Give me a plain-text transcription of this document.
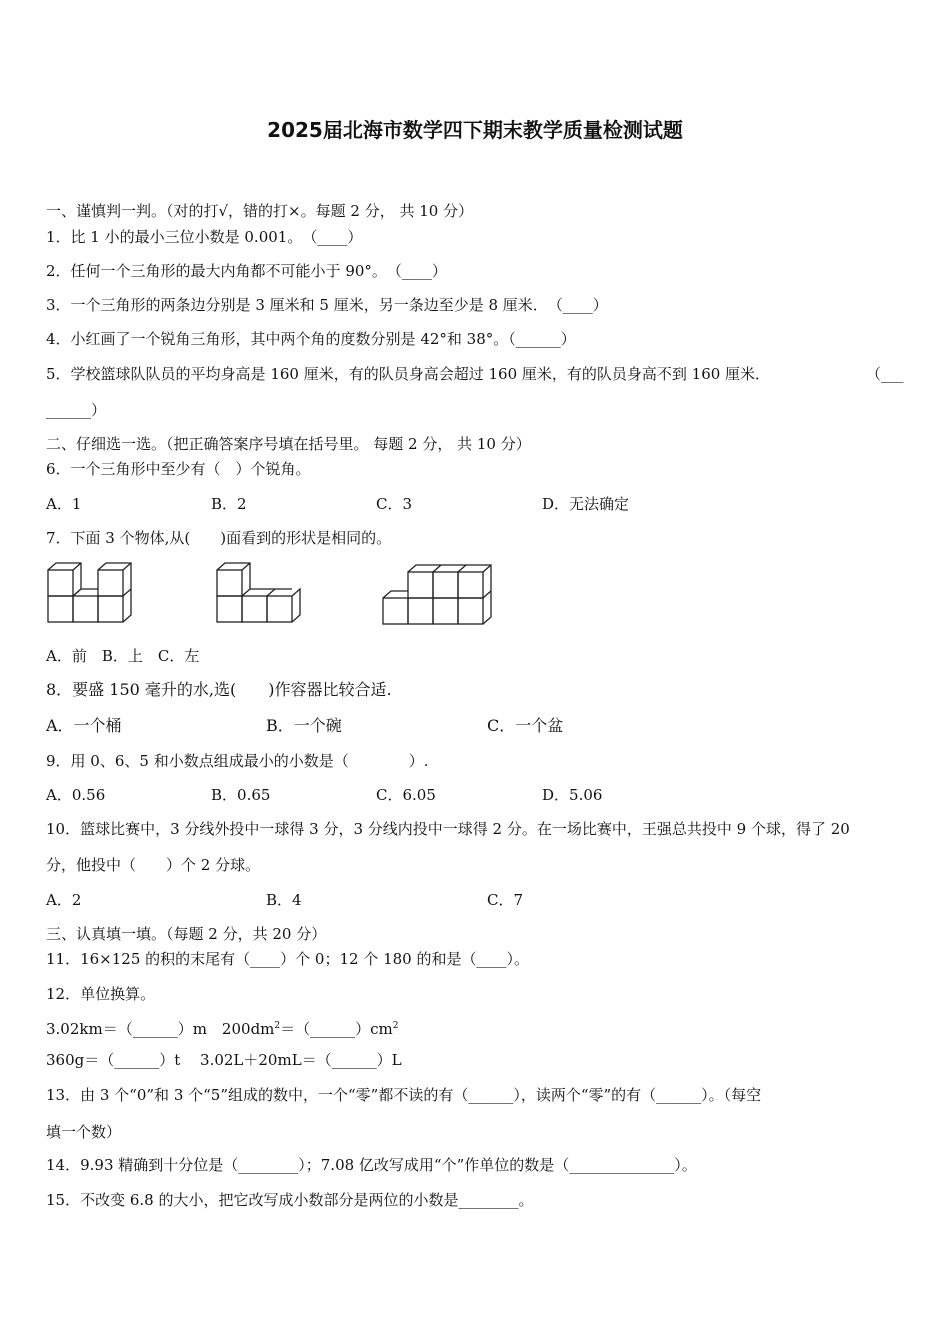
2025届北海市数学四下期末教学质量检测试题
一、谨慎判一判。（对的打√，错的打×。每题 2 分， 共 10 分）
1．比 1 小的最小三位小数是 0.001。　（____）
2．任何一个三角形的最大内角都不可能小于 90°。　（____）
3．一个三角形的两条边分别是 3 厘米和 5 厘米，另一条边至少是 8 厘米．　（____）
4．小红画了一个锐角三角形，其中两个角的度数分别是 42°和 38°。（______）
5．学校篮球队队员的平均身高是 160 厘米，有的队员身高会超过 160 厘米，有的队员身高不到 160 厘米．	（___
______）
二、仔细选一选。（把正确答案序号填在括号里。 每题 2 分， 共 10 分）
6．一个三角形中至少有（　）个锐角。
A．1	B．2	C．3	D．无法确定
7．下面 3 个物体,从(　　)面看到的形状是相同的。
A．前　B．上　C．左
8．要盛 150 毫升的水,选(　　)作容器比较合适.
A．一个桶	B．一个碗	C．一个盆
9．用 0、6、5 和小数点组成最小的小数是（　　　　）.
A．0.56	B．0.65	C．6.05	D．5.06
10．篮球比赛中，3 分线外投中一球得 3 分，3 分线内投中一球得 2 分。在一场比赛中，王强总共投中 9 个球，得了 20
分，他投中（　　）个 2 分球。
A．2	B．4	C．7
三、认真填一填。（每题 2 分，共 20 分）
11．16×125 的积的末尾有（____）个 0；12 个 180 的和是（____）。
12．单位换算。
3.02km＝（______）m　$200dm^2=(\_\_\_\_\_\_)cm^2$
360g＝（______）t　 3.02L＋20mL＝（______）L
13．由 3 个“0”和 3 个“5”组成的数中，一个“零”都不读的有（______），读两个“零”的有（______）。（每空
填一个数）
14．9.93 精确到十分位是（________）；7.08 亿改写成用“个”作单位的数是（______________）。
15．不改变 6.8 的大小，把它改写成小数部分是两位的小数是________。
